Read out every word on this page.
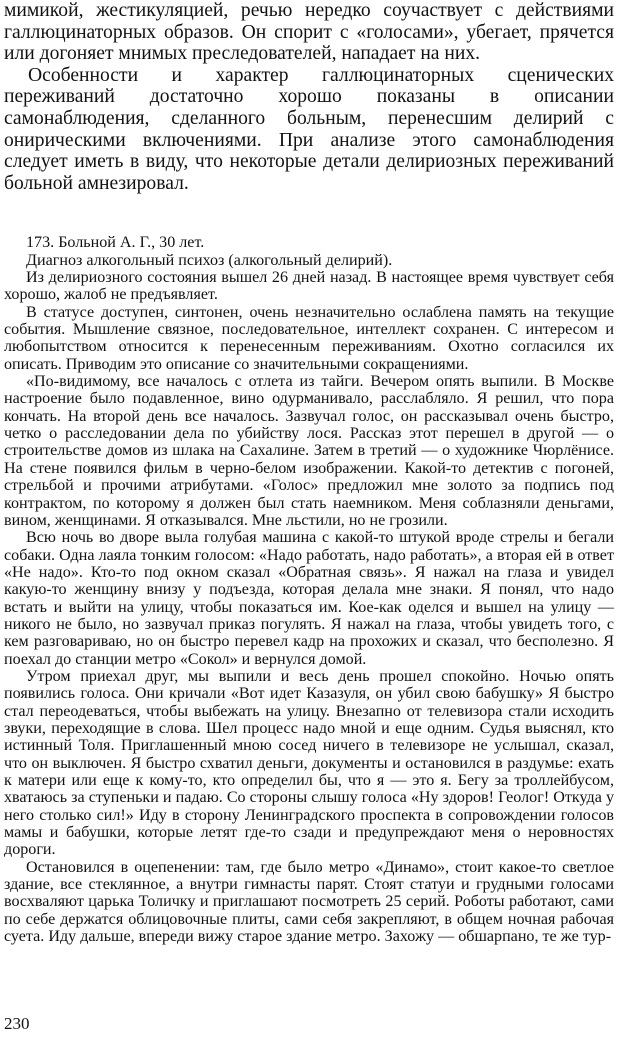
мимикой, жестикуляцией, речью нередко соучаствует с действиями галлюцинаторных образов. Он спорит с «голосами», убегает, прячется или догоняет мнимых преследователей, нападает на них.

Особенности и характер галлюцинаторных сценических переживаний достаточно хорошо показаны в описании самонаблюдения, сделанного больным, перенесшим делирий с онирическими включениями. При анализе этого самонаблюдения следует иметь в виду, что некоторые детали делириозных переживаний больной амнезировал.

173. Больной А. Г., 30 лет.

Диагноз алкогольный психоз (алкогольный делирий).

Из делириозного состояния вышел 26 дней назад. В настоящее время чувствует себя хорошо, жалоб не предъявляет.

В статусе доступен, синтонен, очень незначительно ослаблена память на текущие события. Мышление связное, последовательное, интеллект сохранен. С интересом и любопытством относится к перенесенным переживаниям. Охотно согласился их описать. Приводим это описание со значительными сокращениями.

«По-видимому, все началось с отлета из тайги. Вечером опять выпили. В Москве настроение было подавленное, вино одурманивало, расслабляло. Я решил, что пора кончать. На второй день все началось. Зазвучал голос, он рассказывал очень быстро, четко о расследовании дела по убийству лося. Рассказ этот перешел в другой — о строительстве домов из шлака на Сахалине. Затем в третий — о художнике Чюрлёнисе. На стене появился фильм в черно-белом изображении. Какой-то детектив с погоней, стрельбой и прочими атрибутами. «Голос» предложил мне золото за подпись под контрактом, по которому я должен был стать наемником. Меня соблазняли деньгами, вином, женщинами. Я отказывался. Мне льстили, но не грозили.

Всю ночь во дворе выла голубая машина с какой-то штукой вроде стрелы и бегали собаки. Одна лаяла тонким голосом: «Надо работать, надо работать», а вторая ей в ответ «Не надо». Кто-то под окном сказал «Обратная связь». Я нажал на глаза и увидел какую-то женщину внизу у подъезда, которая делала мне знаки. Я понял, что надо встать и выйти на улицу, чтобы показаться им. Кое-как оделся и вышел на улицу — никого не было, но зазвучал приказ погулять. Я нажал на глаза, чтобы увидеть того, с кем разговариваю, но он быстро перевел кадр на прохожих и сказал, что бесполезно. Я поехал до станции метро «Сокол» и вернулся домой.

Утром приехал друг, мы выпили и весь день прошел спокойно. Ночью опять появились голоса. Они кричали «Вот идет Казазуля, он убил свою бабушку» Я быстро стал переодеваться, чтобы выбежать на улицу. Внезапно от телевизора стали исходить звуки, переходящие в слова. Шел процесс надо мной и еще одним. Судья выяснял, кто истинный Толя. Приглашенный мною сосед ничего в телевизоре не услышал, сказал, что он выключен. Я быстро схватил деньги, документы и остановился в раздумье: ехать к матери или еще к кому-то, кто определил бы, что я — это я. Бегу за троллейбусом, хватаюсь за ступеньки и падаю. Со стороны слышу голоса «Ну здоров! Геолог! Откуда у него столько сил!» Иду в сторону Ленинградского проспекта в сопровождении голосов мамы и бабушки, которые летят где-то сзади и предупреждают меня о неровностях дороги.

Остановился в оцепенении: там, где было метро «Динамо», стоит какое-то светлое здание, все стеклянное, а внутри гимнасты парят. Стоят статуи и грудными голосами восхваляют царька Толичку и приглашают посмотреть 25 серий. Роботы работают, сами по себе держатся облицовочные плиты, сами себя закрепляют, в общем ночная рабочая суета. Иду дальше, впереди вижу старое здание метро. Захожу — обшарпано, те же тур-

230
